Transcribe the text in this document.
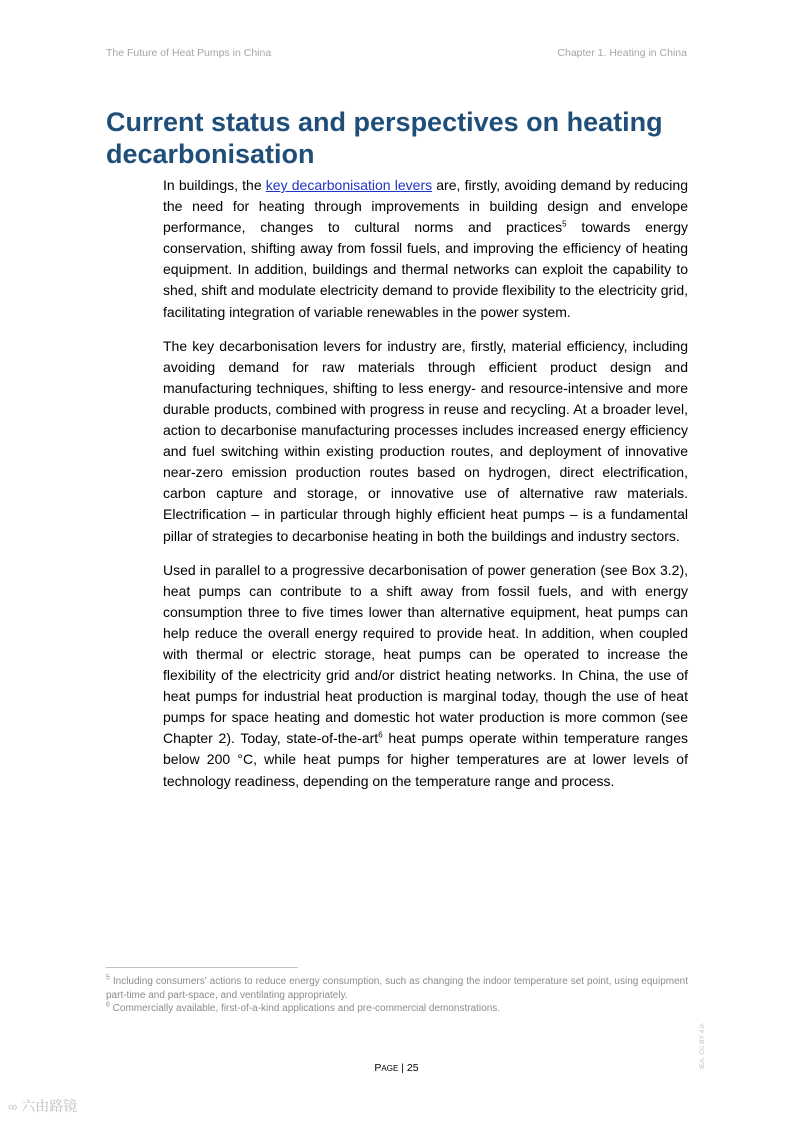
The Future of Heat Pumps in China	Chapter 1. Heating in China
Current status and perspectives on heating decarbonisation

In buildings, the key decarbonisation levers are, firstly, avoiding demand by reducing the need for heating through improvements in building design and envelope performance, changes to cultural norms and practices$^5$ towards energy conservation, shifting away from fossil fuels, and improving the efficiency of heating equipment. In addition, buildings and thermal networks can exploit the capability to shed, shift and modulate electricity demand to provide flexibility to the electricity grid, facilitating integration of variable renewables in the power system.

The key decarbonisation levers for industry are, firstly, material efficiency, including avoiding demand for raw materials through efficient product design and manufacturing techniques, shifting to less energy- and resource-intensive and more durable products, combined with progress in reuse and recycling. At a broader level, action to decarbonise manufacturing processes includes increased energy efficiency and fuel switching within existing production routes, and deployment of innovative near-zero emission production routes based on hydrogen, direct electrification, carbon capture and storage, or innovative use of alternative raw materials. Electrification – in particular through highly efficient heat pumps – is a fundamental pillar of strategies to decarbonise heating in both the buildings and industry sectors.

Used in parallel to a progressive decarbonisation of power generation (see Box 3.2), heat pumps can contribute to a shift away from fossil fuels, and with energy consumption three to five times lower than alternative equipment, heat pumps can help reduce the overall energy required to provide heat. In addition, when coupled with thermal or electric storage, heat pumps can be operated to increase the flexibility of the electricity grid and/or district heating networks. In China, the use of heat pumps for industrial heat production is marginal today, though the use of heat pumps for space heating and domestic hot water production is more common (see Chapter 2). Today, state-of-the-art$^6$ heat pumps operate within temperature ranges below 200 °C, while heat pumps for higher temperatures are at lower levels of technology readiness, depending on the temperature range and process.

$^5$ Including consumers' actions to reduce energy consumption, such as changing the indoor temperature set point, using equipment part-time and part-space, and ventilating appropriately.

$^6$ Commercially available, first-of-a-kind applications and pre-commercial demonstrations.

PAGE | 25	IEA. CC BY 4.0.
∞ 六由路镜
